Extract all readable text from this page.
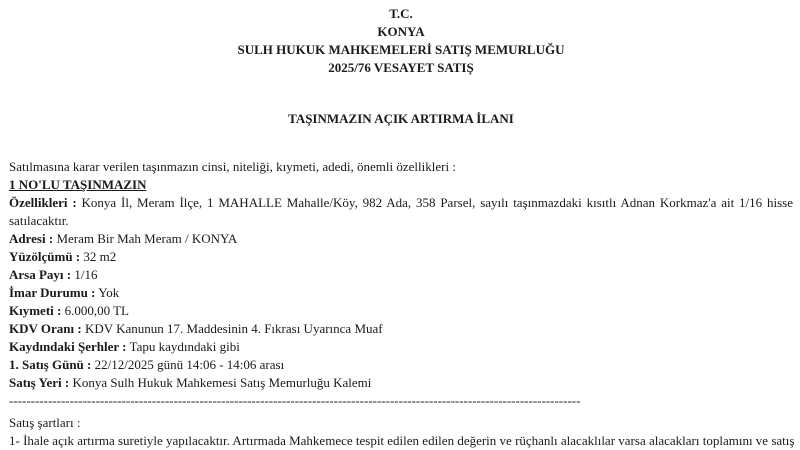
T.C.
KONYA
SULH HUKUK MAHKEMELERİ SATIŞ MEMURLUĞU
2025/76 VESAYET SATIŞ
TAŞINMAZIN AÇIK ARTIRMA İLANI
Satılmasına karar verilen taşınmazın cinsi, niteliği, kıymeti, adedi, önemli özellikleri :
1 NO'LU TAŞINMAZIN
Özellikleri : Konya İl, Meram İlçe, 1 MAHALLE Mahalle/Köy, 982 Ada, 358 Parsel, sayılı taşınmazdaki kısıtlı Adnan Korkmaz'a ait 1/16 hisse satılacaktır.
Adresi : Meram Bir Mah Meram / KONYA
Yüzölçümü : 32 m2
Arsa Payı : 1/16
İmar Durumu : Yok
Kıymeti : 6.000,00 TL
KDV Oranı : KDV Kanunun 17. Maddesinin 4. Fıkrası Uyarınca Muaf
Kaydındaki Şerhler : Tapu kaydındaki gibi
1. Satış Günü : 22/12/2025 günü 14:06 - 14:06 arası
Satış Yeri : Konya Sulh Hukuk Mahkemesi Satış Memurluğu Kalemi
------------------------------------------------------------------------------------------------------------------------------------
Satış şartları :
1- İhale açık artırma suretiyle yapılacaktır. Artırmada Mahkemece tespit edilen edilen değerin ve rüçhanlı alacaklılar varsa alacakları toplamını ve satış
